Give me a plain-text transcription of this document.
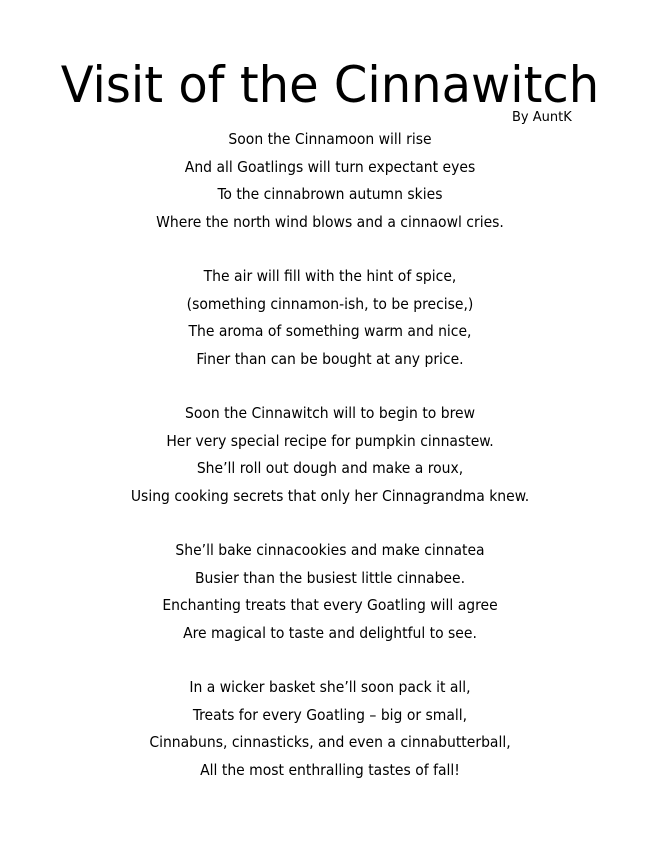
Visit of the Cinnawitch
By AuntK
Soon the Cinnamoon will rise
And all Goatlings will turn expectant eyes
To the cinnabrown autumn skies
Where the north wind blows and a cinnaowl cries.
The air will fill with the hint of spice,
(something cinnamon-ish, to be precise,)
The aroma of something warm and nice,
Finer than can be bought at any price.
Soon the Cinnawitch will to begin to brew
Her very special recipe for pumpkin cinnastew.
She’ll roll out dough and make a roux,
Using cooking secrets that only her Cinnagrandma knew.
She’ll bake cinnacookies and make cinnatea
Busier than the busiest little cinnabee.
Enchanting treats that every Goatling will agree
Are magical to taste and delightful to see.
In a wicker basket she’ll soon pack it all,
Treats for every Goatling – big or small,
Cinnabuns, cinnasticks, and even a cinnabutterball,
All the most enthralling tastes of fall!
